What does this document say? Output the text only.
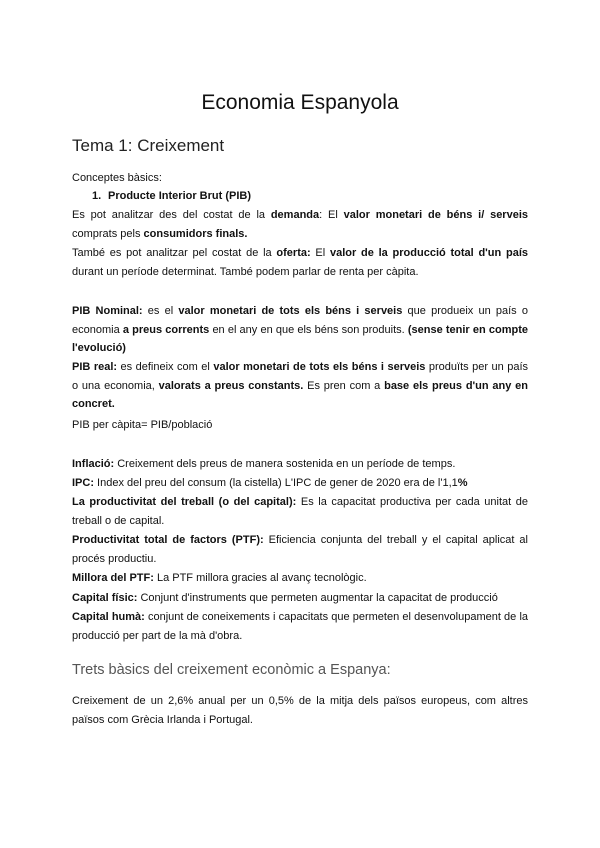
Economia Espanyola
Tema 1: Creixement

Conceptes bàsics:

1. Producte Interior Brut (PIB)

Es pot analitzar des del costat de la demanda: El valor monetari de béns i/ serveis comprats pels consumidors finals.

També es pot analitzar pel costat de la oferta: El valor de la producció total d'un país durant un període determinat. També podem parlar de renta per càpita.

PIB Nominal: es el valor monetari de tots els béns i serveis que produeix un país o economia a preus corrents en el any en que els béns son produits. (sense tenir en compte l'evolució)

PIB real: es defineix com el valor monetari de tots els béns i serveis produïts per un país o una economia, valorats a preus constants. Es pren com a base els preus d'un any en concret.

PIB per càpita= PIB/població

Inflació: Creixement dels preus de manera sostenida en un període de temps.

IPC: Index del preu del consum (la cistella) L'IPC de gener de 2020 era de l'1,1%

La productivitat del treball (o del capital): Es la capacitat productiva per cada unitat de treball o de capital.

Productivitat total de factors (PTF): Eficiencia conjunta del treball y el capital aplicat al procés productiu.

Millora del PTF: La PTF millora gracies al avanç tecnològic.

Capital físic: Conjunt d'instruments que permeten augmentar la capacitat de producció

Capital humà: conjunt de coneixements i capacitats que permeten el desenvolupament de la producció per part de la mà d'obra.

Trets bàsics del creixement econòmic a Espanya:

Creixement de un 2,6% anual per un 0,5% de la mitja dels països europeus, com altres països com Grècia Irlanda i Portugal.
